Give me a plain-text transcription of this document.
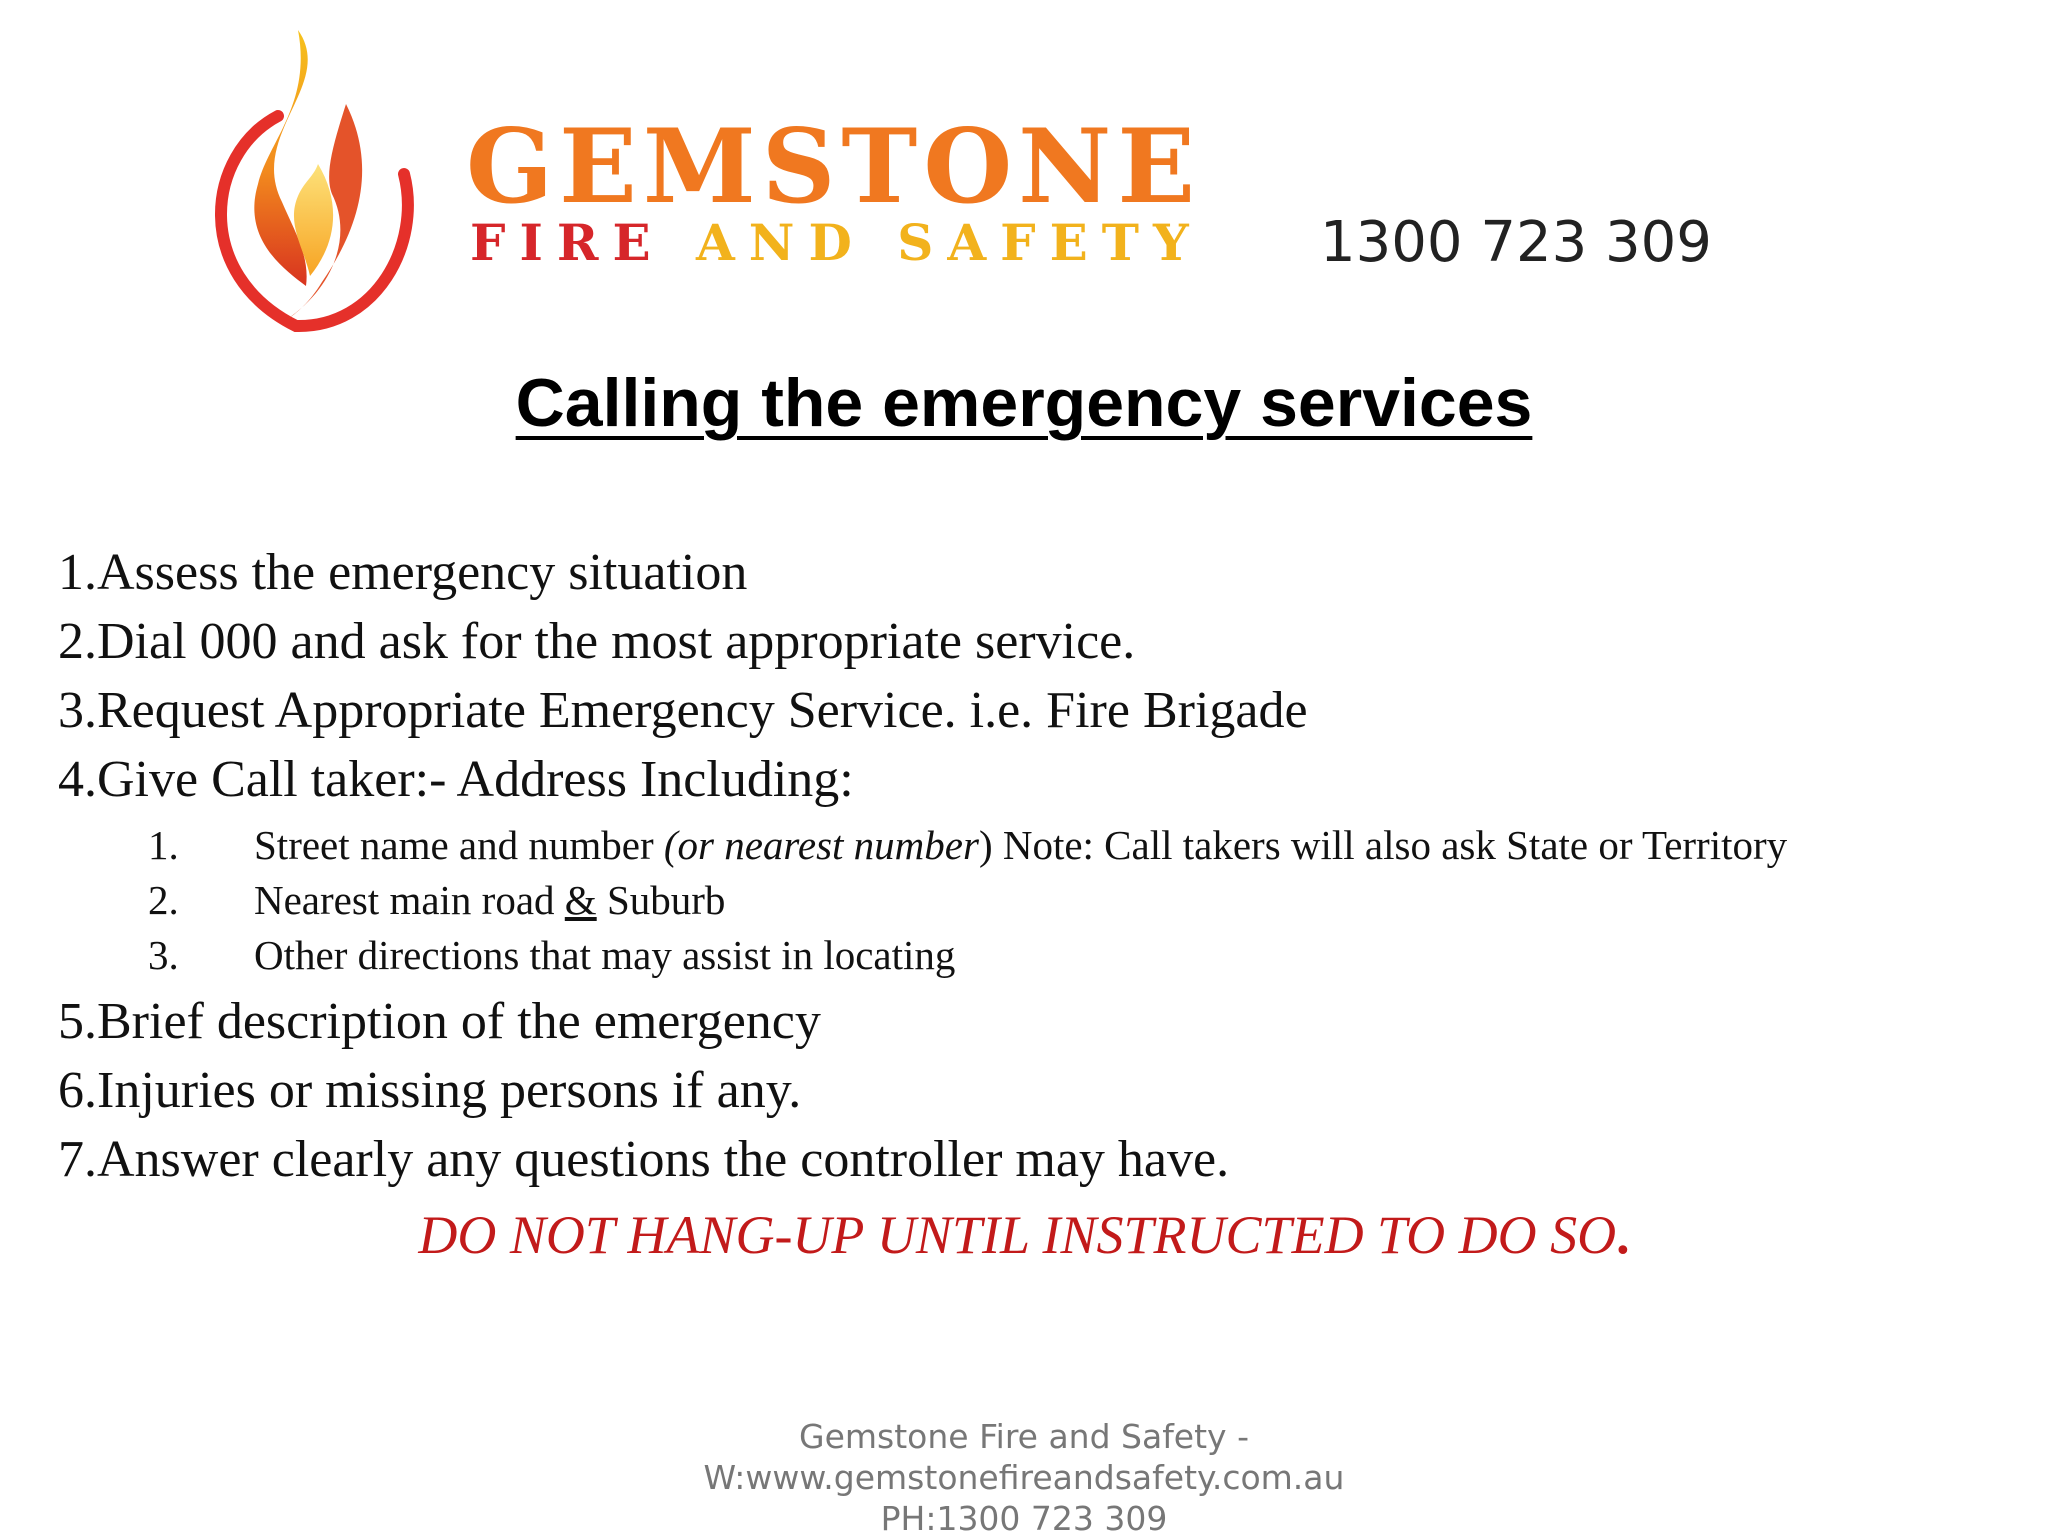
GEMSTONE
FIRE AND SAFETY 1300 723 309
Calling the emergency services
1.Assess the emergency situation
2.Dial 000 and ask for the most appropriate service.
3.Request Appropriate Emergency Service. i.e. Fire Brigade
4.Give Call taker:- Address Including:
1. Street name and number (or nearest number) Note: Call takers will also ask State or Territory
2. Nearest main road & Suburb
3. Other directions that may assist in locating
5.Brief description of the emergency
6.Injuries or missing persons if any.
7.Answer clearly any questions the controller may have.
DO NOT HANG-UP UNTIL INSTRUCTED TO DO SO.
Gemstone Fire and Safety -
W:www.gemstonefireandsafety.com.au
PH:1300 723 309
